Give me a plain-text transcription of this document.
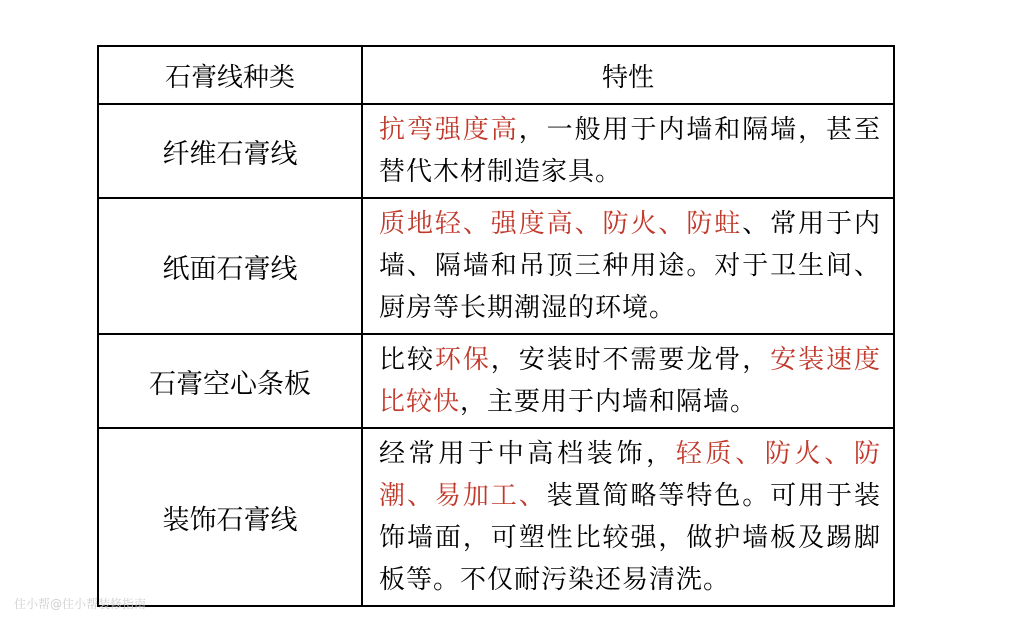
石膏线种类	特性
纤维石膏线	抗弯强度高，一般用于内墙和隔墙，甚至替代木材制造家具。
纸面石膏线	质地轻、强度高、防火、防蛀、常用于内墙、隔墙和吊顶三种用途。对于卫生间、厨房等长期潮湿的环境。
石膏空心条板	比较环保，安装时不需要龙骨，安装速度比较快，主要用于内墙和隔墙。
装饰石膏线	经常用于中高档装饰，轻质、防火、防潮、易加工、装置简略等特色。可用于装饰墙面，可塑性比较强，做护墙板及踢脚板等。不仅耐污染还易清洗。
住小帮@住小帮装修指南
